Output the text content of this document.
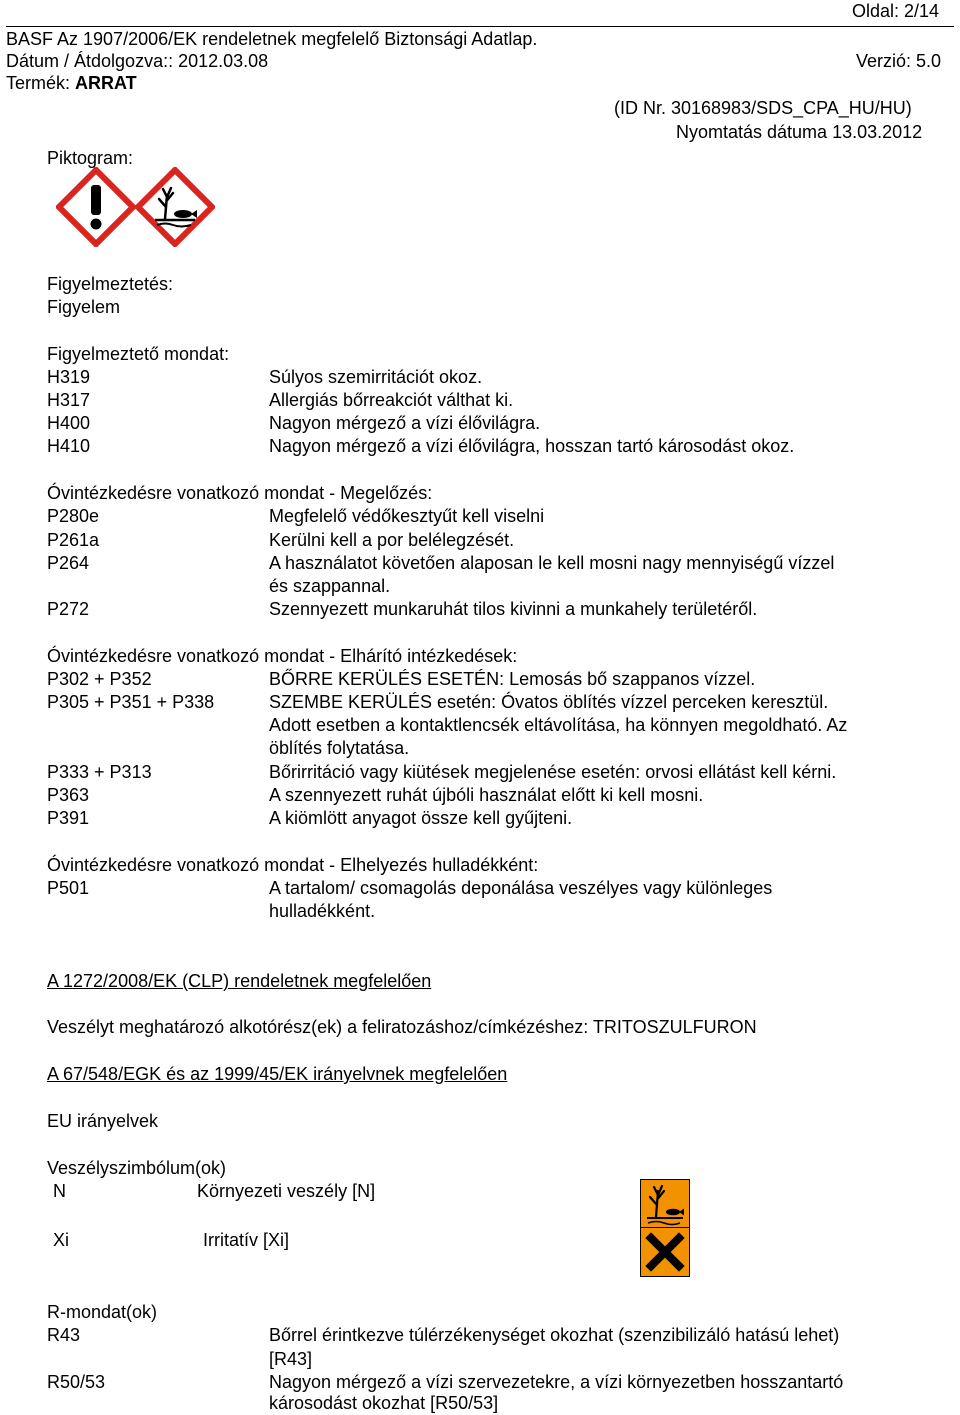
Oldal: 2/14
BASF Az 1907/2006/EK rendeletnek megfelelő Biztonsági Adatlap.
Dátum / Átdolgozva:: 2012.03.08	Verzió: 5.0
Termék: ARRAT
(ID Nr. 30168983/SDS_CPA_HU/HU)
Nyomtatás dátuma 13.03.2012
Piktogram:
Figyelmeztetés:
Figyelem
Figyelmeztető mondat:
H319	Súlyos szemirritációt okoz.
H317	Allergiás bőrreakciót válthat ki.
H400	Nagyon mérgező a vízi élővilágra.
H410	Nagyon mérgező a vízi élővilágra, hosszan tartó károsodást okoz.
Óvintézkedésre vonatkozó mondat - Megelőzés:
P280e	Megfelelő védőkesztyűt kell viselni
P261a	Kerülni kell a por belélegzését.
P264	A használatot követően alaposan le kell mosni nagy mennyiségű vízzel
és szappannal.
P272	Szennyezett munkaruhát tilos kivinni a munkahely területéről.
Óvintézkedésre vonatkozó mondat - Elhárító intézkedések:
P302 + P352	BŐRRE KERÜLÉS ESETÉN: Lemosás bő szappanos vízzel.
P305 + P351 + P338	SZEMBE KERÜLÉS esetén: Óvatos öblítés vízzel perceken keresztül.
Adott esetben a kontaktlencsék eltávolítása, ha könnyen megoldható. Az
öblítés folytatása.
P333 + P313	Bőrirritáció vagy kiütések megjelenése esetén: orvosi ellátást kell kérni.
P363	A szennyezett ruhát újbóli használat előtt ki kell mosni.
P391	A kiömlött anyagot össze kell gyűjteni.
Óvintézkedésre vonatkozó mondat - Elhelyezés hulladékként:
P501	A tartalom/ csomagolás deponálása veszélyes vagy különleges
hulladékként.
A 1272/2008/EK (CLP) rendeletnek megfelelően
Veszélyt meghatározó alkotórész(ek) a feliratozáshoz/címkézéshez: TRITOSZULFURON
A 67/548/EGK és az 1999/45/EK irányelvnek megfelelően
EU irányelvek
Veszélyszimbólum(ok)
N	Környezeti veszély [N]
Xi	Irritatív [Xi]
R-mondat(ok)
R43	Bőrrel érintkezve túlérzékenységet okozhat (szenzibilizáló hatású lehet)
[R43]
R50/53	Nagyon mérgező a vízi szervezetekre, a vízi környezetben hosszantartó
károsodást okozhat [R50/53]
